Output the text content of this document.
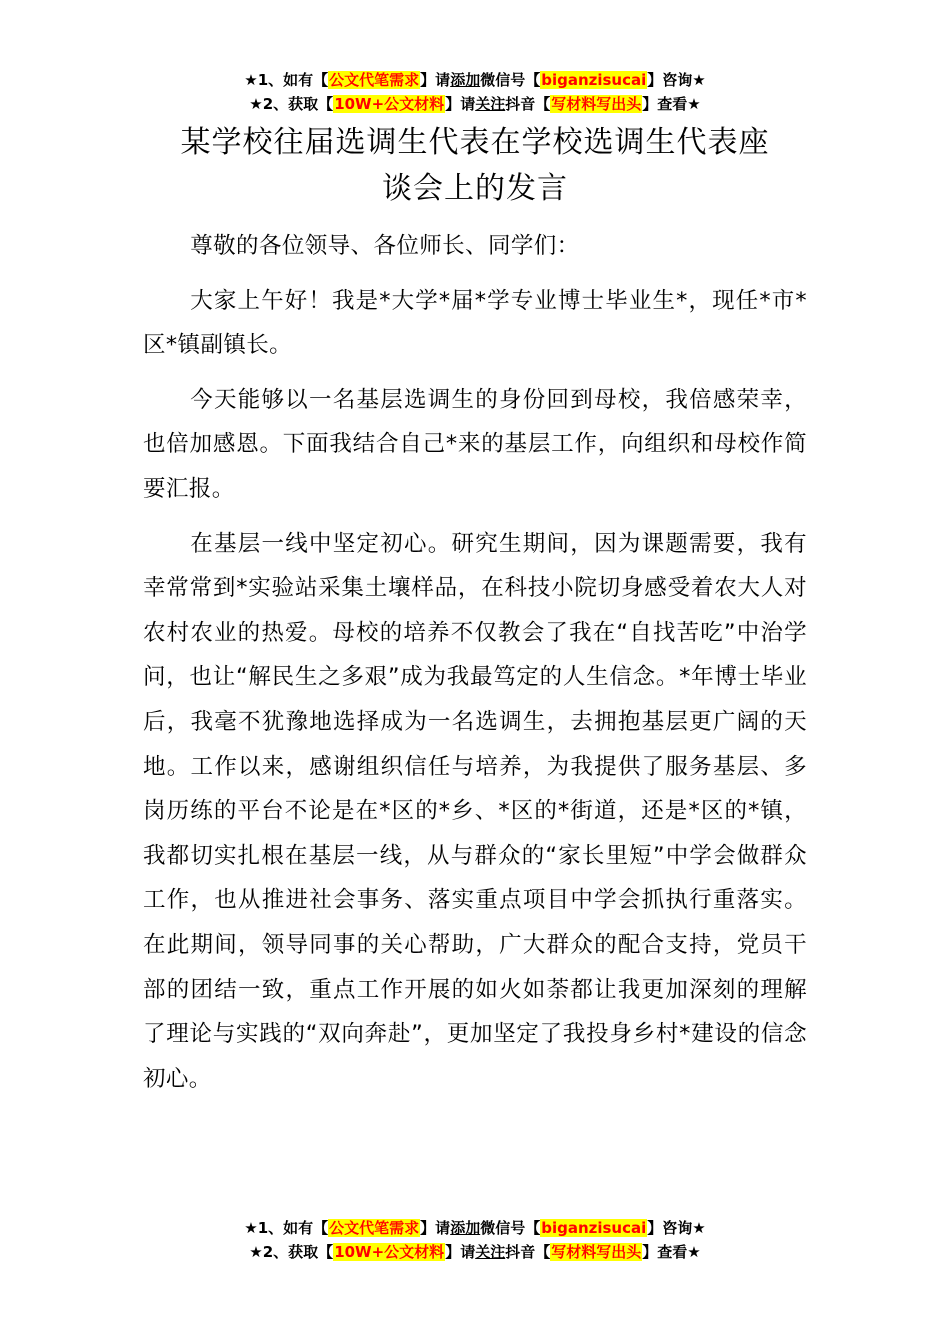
★1、如有【公文代笔需求】请添加微信号【biganzisucai】咨询★
★2、获取【10W+公文材料】请关注抖音【写材料写出头】查看★
某学校往届选调生代表在学校选调生代表座
谈会上的发言

尊敬的各位领导、各位师长、同学们：

大家上午好！我是*大学*届*学专业博士毕业生*，现任*市*区*镇副镇长。

今天能够以一名基层选调生的身份回到母校，我倍感荣幸，也倍加感恩。下面我结合自己*来的基层工作，向组织和母校作简要汇报。

在基层一线中坚定初心。研究生期间，因为课题需要，我有幸常常到*实验站采集土壤样品，在科技小院切身感受着农大人对农村农业的热爱。母校的培养不仅教会了我在“自找苦吃”中治学问，也让“解民生之多艰”成为我最笃定的人生信念。*年博士毕业后，我毫不犹豫地选择成为一名选调生，去拥抱基层更广阔的天地。工作以来，感谢组织信任与培养，为我提供了服务基层、多岗历练的平台不论是在*区的*乡、*区的*街道，还是*区的*镇，我都切实扎根在基层一线，从与群众的“家长里短”中学会做群众工作，也从推进社会事务、落实重点项目中学会抓执行重落实。在此期间，领导同事的关心帮助，广大群众的配合支持，党员干部的团结一致，重点工作开展的如火如荼都让我更加深刻的理解了理论与实践的“双向奔赴”，更加坚定了我投身乡村*建设的信念初心。

★1、如有【公文代笔需求】请添加微信号【biganzisucai】咨询★
★2、获取【10W+公文材料】请关注抖音【写材料写出头】查看★
